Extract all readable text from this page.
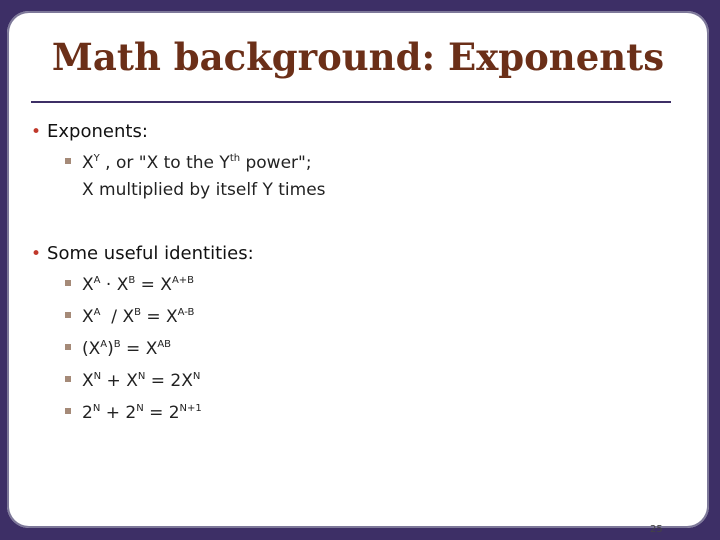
Math background: Exponents
• Exponents:
$X^Y$ , or "X to the $Y^{th}$ power";
X multiplied by itself Y times
• Some useful identities:
$X^A \cdot X^B = X^{A+B}$
$X^A / X^B = X^{A-B}$
$(X^A)^B = X^{AB}$
$X^N + X^N = 2X^N$
$2^N + 2^N = 2^{N+1}$
25
